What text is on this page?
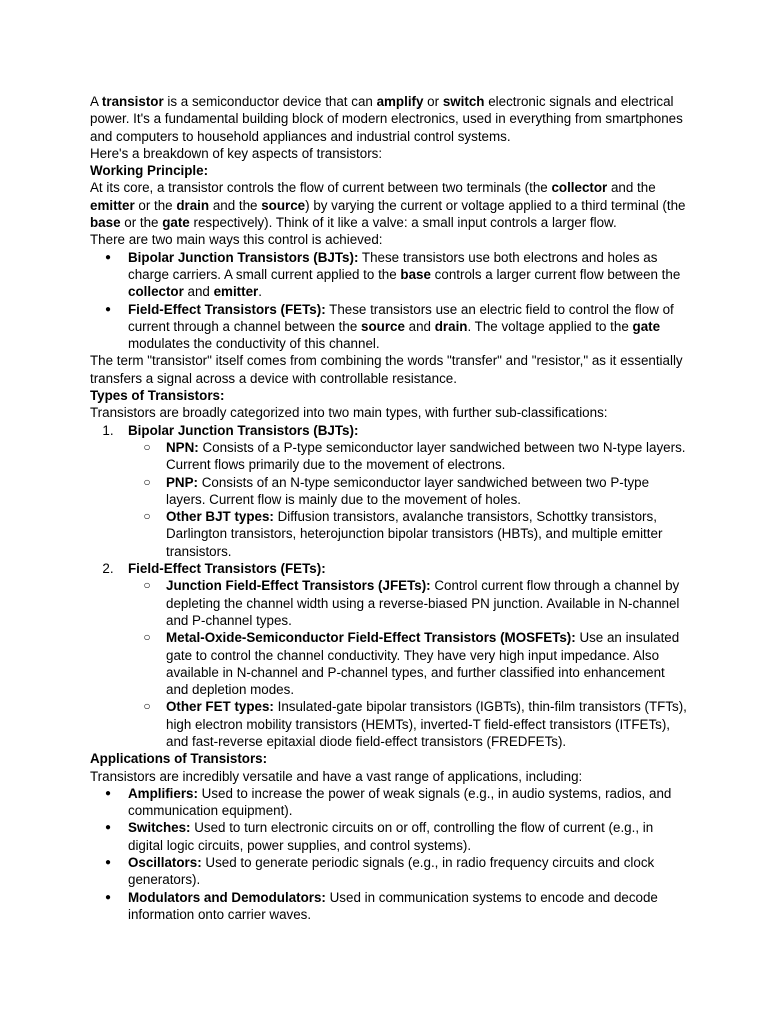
A transistor is a semiconductor device that can amplify or switch electronic signals and electrical power. It's a fundamental building block of modern electronics, used in everything from smartphones and computers to household appliances and industrial control systems.

Here's a breakdown of key aspects of transistors:

Working Principle:

At its core, a transistor controls the flow of current between two terminals (the collector and the emitter or the drain and the source) by varying the current or voltage applied to a third terminal (the base or the gate respectively). Think of it like a valve: a small input controls a larger flow.

There are two main ways this control is achieved:

●	Bipolar Junction Transistors (BJTs): These transistors use both electrons and holes as charge carriers. A small current applied to the base controls a larger current flow between the collector and emitter.
●	Field-Effect Transistors (FETs): These transistors use an electric field to control the flow of current through a channel between the source and drain. The voltage applied to the gate modulates the conductivity of this channel.

The term "transistor" itself comes from combining the words "transfer" and "resistor," as it essentially transfers a signal across a device with controllable resistance.

Types of Transistors:

Transistors are broadly categorized into two main types, with further sub-classifications:

1.	Bipolar Junction Transistors (BJTs):
○	NPN: Consists of a P-type semiconductor layer sandwiched between two N-type layers. Current flows primarily due to the movement of electrons.
○	PNP: Consists of an N-type semiconductor layer sandwiched between two P-type layers. Current flow is mainly due to the movement of holes.
○	Other BJT types: Diffusion transistors, avalanche transistors, Schottky transistors, Darlington transistors, heterojunction bipolar transistors (HBTs), and multiple emitter transistors.
2.	Field-Effect Transistors (FETs):
○	Junction Field-Effect Transistors (JFETs): Control current flow through a channel by depleting the channel width using a reverse-biased PN junction. Available in N-channel and P-channel types.
○	Metal-Oxide-Semiconductor Field-Effect Transistors (MOSFETs): Use an insulated gate to control the channel conductivity. They have very high input impedance. Also available in N-channel and P-channel types, and further classified into enhancement and depletion modes.
○	Other FET types: Insulated-gate bipolar transistors (IGBTs), thin-film transistors (TFTs), high electron mobility transistors (HEMTs), inverted-T field-effect transistors (ITFETs), and fast-reverse epitaxial diode field-effect transistors (FREDFETs).

Applications of Transistors:

Transistors are incredibly versatile and have a vast range of applications, including:

●	Amplifiers: Used to increase the power of weak signals (e.g., in audio systems, radios, and communication equipment).
●	Switches: Used to turn electronic circuits on or off, controlling the flow of current (e.g., in digital logic circuits, power supplies, and control systems).
●	Oscillators: Used to generate periodic signals (e.g., in radio frequency circuits and clock generators).
●	Modulators and Demodulators: Used in communication systems to encode and decode information onto carrier waves.
